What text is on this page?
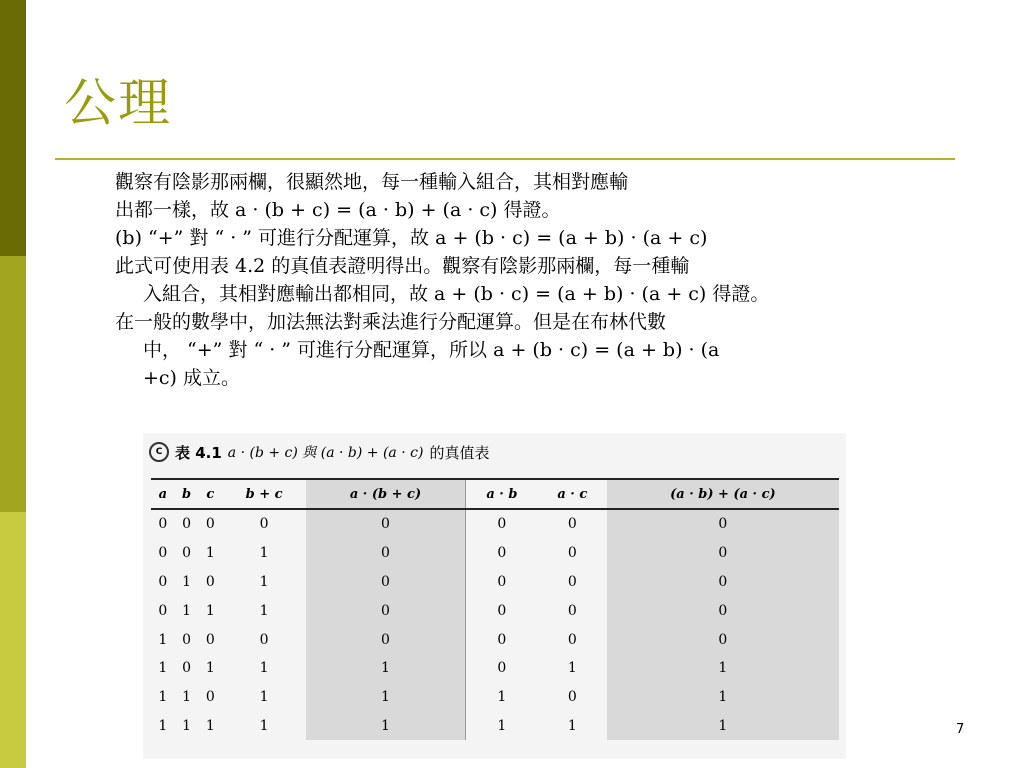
公理

觀察有陰影那兩欄，很顯然地，每一種輸入組合，其相對應輸
出都一樣，故 a · (b + c) = (a · b) + (a · c) 得證。

(b) “+” 對 “ · ” 可進行分配運算，故 a + (b · c) = (a + b) · (a + c)

此式可使用表 4.2 的真值表證明得出。觀察有陰影那兩欄，每一種輸
入組合，其相對應輸出都相同，故 a + (b · c) = (a + b) · (a + c) 得證。

在一般的數學中，加法無法對乘法進行分配運算。但是在布林代數
中， “+” 對 “ · ” 可進行分配運算，所以 a + (b · c) = (a + b) · (a
+c) 成立。

C 表 4.1 a · (b + c) 與 (a · b) + (a · c) 的真值表
a	b	c	b + c	a · (b + c)	a · b	a · c	(a · b) + (a · c)
0	0	0	0	0	0	0	0
0	0	1	1	0	0	0	0
0	1	0	1	0	0	0	0
0	1	1	1	0	0	0	0
1	0	0	0	0	0	0	0
1	0	1	1	1	0	1	1
1	1	0	1	1	1	0	1
1	1	1	1	1	1	1	1	7
